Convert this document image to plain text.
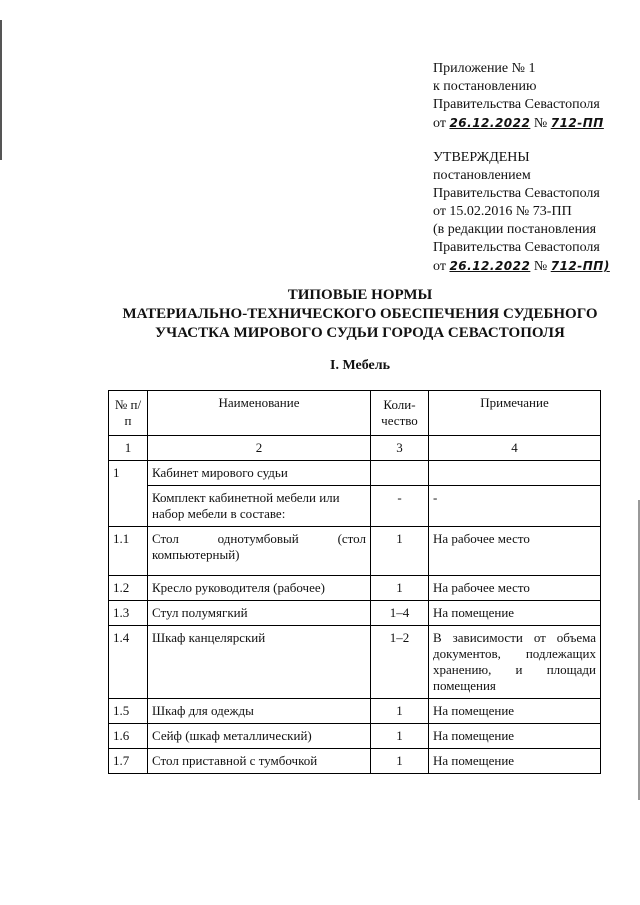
Приложение № 1
к постановлению
Правительства Севастополя
от 26.12.2022 № 712-ПП
УТВЕРЖДЕНЫ
постановлением
Правительства Севастополя
от 15.02.2016 № 73-ПП
(в редакции постановления
Правительства Севастополя
от 26.12.2022 № 712-ПП)
ТИПОВЫЕ НОРМЫ
МАТЕРИАЛЬНО-ТЕХНИЧЕСКОГО ОБЕСПЕЧЕНИЯ СУДЕБНОГО
УЧАСТКА МИРОВОГО СУДЬИ ГОРОДА СЕВАСТОПОЛЯ
I. Мебель
№ п/п	Наименование	Коли-чество	Примечание
1	2	3	4
1	Кабинет мирового судьи		
	Комплект кабинетной мебели или набор мебели в составе:	-	-
1.1	Стол однотумбовый (стол компьютерный)	1	На рабочее место
1.2	Кресло руководителя (рабочее)	1	На рабочее место
1.3	Стул полумягкий	1–4	На помещение
1.4	Шкаф канцелярский	1–2	В зависимости от объема документов, подлежащих хранению, и площади помещения
1.5	Шкаф для одежды	1	На помещение
1.6	Сейф (шкаф металлический)	1	На помещение
1.7	Стол приставной с тумбочкой	1	На помещение
